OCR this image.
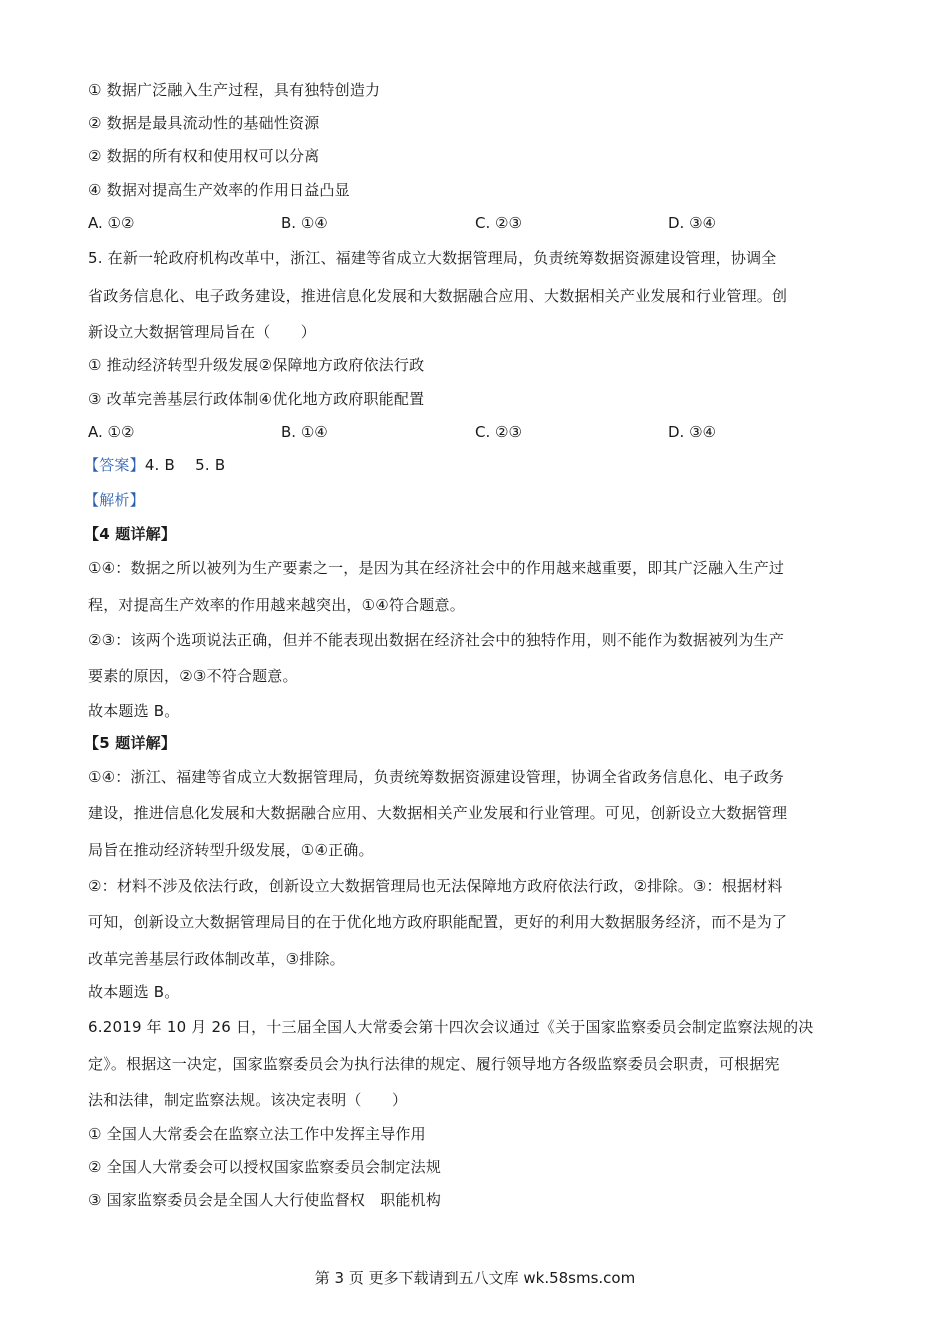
① 数据广泛融入生产过程，具有独特创造力
② 数据是最具流动性的基础性资源
② 数据的所有权和使用权可以分离
④ 数据对提高生产效率的作用日益凸显
A. ①②	B. ①④	C. ②③	D. ③④
5. 在新一轮政府机构改革中，浙江、福建等省成立大数据管理局，负责统筹数据资源建设管理，协调全
省政务信息化、电子政务建设，推进信息化发展和大数据融合应用、大数据相关产业发展和行业管理。创
新设立大数据管理局旨在（　　）
① 推动经济转型升级发展②保障地方政府依法行政
③ 改革完善基层行政体制④优化地方政府职能配置
A. ①②	B. ①④	C. ②③	D. ③④
【答案】4. B　 5. B
【解析】
【4 题详解】
①④：数据之所以被列为生产要素之一，是因为其在经济社会中的作用越来越重要，即其广泛融入生产过
程，对提高生产效率的作用越来越突出，①④符合题意。
②③：该两个选项说法正确，但并不能表现出数据在经济社会中的独特作用，则不能作为数据被列为生产
要素的原因，②③不符合题意。
故本题选 B。
【5 题详解】
①④：浙江、福建等省成立大数据管理局，负责统筹数据资源建设管理，协调全省政务信息化、电子政务
建设，推进信息化发展和大数据融合应用、大数据相关产业发展和行业管理。可见，创新设立大数据管理
局旨在推动经济转型升级发展，①④正确。
②：材料不涉及依法行政，创新设立大数据管理局也无法保障地方政府依法行政，②排除。③：根据材料
可知，创新设立大数据管理局目的在于优化地方政府职能配置，更好的利用大数据服务经济，而不是为了
改革完善基层行政体制改革，③排除。
故本题选 B。
6.2019 年 10 月 26 日，十三届全国人大常委会第十四次会议通过《关于国家监察委员会制定监察法规的决
定》。根据这一决定，国家监察委员会为执行法律的规定、履行领导地方各级监察委员会职责，可根据宪
法和法律，制定监察法规。该决定表明（　　）
① 全国人大常委会在监察立法工作中发挥主导作用
② 全国人大常委会可以授权国家监察委员会制定法规
③ 国家监察委员会是全国人大行使监督权　职能机构
第 3 页 更多下载请到五八文库 wk.58sms.com
